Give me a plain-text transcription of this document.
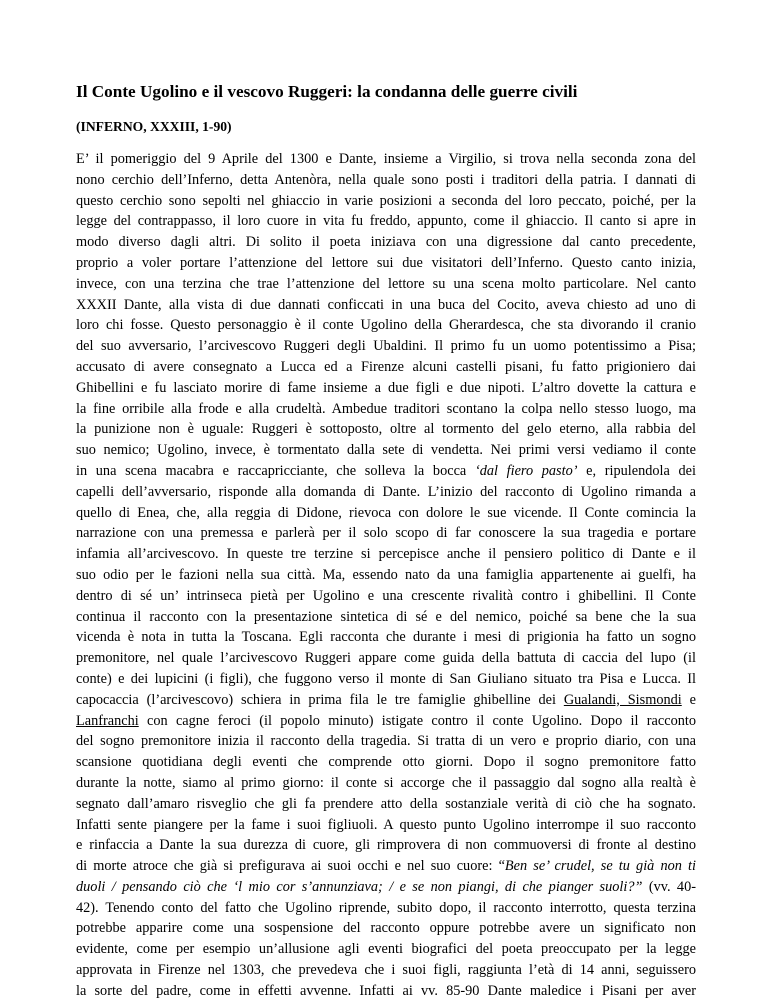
Il Conte Ugolino e il vescovo Ruggeri: la condanna delle guerre civili
(INFERNO, XXXIII, 1-90)
E’ il pomeriggio del 9 Aprile del 1300 e Dante, insieme a Virgilio, si trova nella seconda zona del
nono cerchio dell’Inferno, detta Antenòra, nella quale sono posti i traditori della patria. I dannati di
questo cerchio sono sepolti nel ghiaccio in varie posizioni a seconda del loro peccato, poiché, per la
legge del contrappasso, il loro cuore in vita fu freddo, appunto, come il ghiaccio. Il canto si apre in
modo diverso dagli altri. Di solito il poeta iniziava con una digressione dal canto precedente,
proprio a voler portare l’attenzione del lettore sui due visitatori dell’Inferno. Questo canto inizia,
invece, con una terzina che trae l’attenzione del lettore su una scena molto particolare. Nel canto
XXXII Dante, alla vista di due dannati conficcati in una buca del Cocito, aveva chiesto ad uno di
loro chi fosse. Questo personaggio è il conte Ugolino della Gherardesca, che sta divorando il cranio
del suo avversario, l’arcivescovo Ruggeri degli Ubaldini. Il primo fu un uomo potentissimo a Pisa;
accusato di avere consegnato a Lucca ed a Firenze alcuni castelli pisani, fu fatto prigioniero dai
Ghibellini e fu lasciato morire di fame insieme a due figli e due nipoti. L’altro dovette la cattura e
la fine orribile alla frode e alla crudeltà. Ambedue traditori scontano la colpa nello stesso luogo, ma
la punizione non è uguale: Ruggeri è sottoposto, oltre al tormento del gelo eterno, alla rabbia del
suo nemico; Ugolino, invece, è tormentato dalla sete di vendetta. Nei primi versi vediamo il conte
in una scena macabra e raccapricciante, che solleva la bocca ‘dal fiero pasto’ e, ripulendola dei
capelli dell’avversario, risponde alla domanda di Dante. L’inizio del racconto di Ugolino rimanda a
quello di Enea, che, alla reggia di Didone, rievoca con dolore le sue vicende. Il Conte comincia la
narrazione con una premessa e parlerà per il solo scopo di far conoscere la sua tragedia e portare
infamia all’arcivescovo. In queste tre terzine si percepisce anche il pensiero politico di Dante e il
suo odio per le fazioni nella sua città. Ma, essendo nato da una famiglia appartenente ai guelfi, ha
dentro di sé un’ intrinseca pietà per Ugolino e una crescente rivalità contro i ghibellini. Il Conte
continua il racconto con la presentazione sintetica di sé e del nemico, poiché sa bene che la sua
vicenda è nota in tutta la Toscana. Egli racconta che durante i mesi di prigionia ha fatto un sogno
premonitore, nel quale l’arcivescovo Ruggeri appare come guida della battuta di caccia del lupo (il
conte) e dei lupicini (i figli), che fuggono verso il monte di San Giuliano situato tra Pisa e Lucca. Il
capocaccia (l’arcivescovo) schiera in prima fila le tre famiglie ghibelline dei Gualandi, Sismondi e
Lanfranchi con cagne feroci (il popolo minuto) istigate contro il conte Ugolino. Dopo il racconto
del sogno premonitore inizia il racconto della tragedia. Si tratta di un vero e proprio diario, con una
scansione quotidiana degli eventi che comprende otto giorni. Dopo il sogno premonitore fatto
durante la notte, siamo al primo giorno: il conte si accorge che il passaggio dal sogno alla realtà è
segnato dall’amaro risveglio che gli fa prendere atto della sostanziale verità di ciò che ha sognato.
Infatti sente piangere per la fame i suoi figliuoli. A questo punto Ugolino interrompe il suo racconto
e rinfaccia a Dante la sua durezza di cuore, gli rimprovera di non commuoversi di fronte al destino
di morte atroce che già si prefigurava ai suoi occhi e nel suo cuore: “Ben se’ crudel, se tu già non ti
duoli / pensando ciò che ‘l mio cor s’annunziava; / e se non piangi, di che pianger suoli?” (vv. 40-
42). Tenendo conto del fatto che Ugolino riprende, subito dopo, il racconto interrotto, questa terzina
potrebbe apparire come una sospensione del racconto oppure potrebbe avere un significato non
evidente, come per esempio un’allusione agli eventi biografici del poeta preoccupato per la legge
approvata in Firenze nel 1303, che prevedeva che i suoi figli, raggiunta l’età di 14 anni, seguissero
la sorte del padre, come in effetti avvenne. Infatti ai vv. 85-90 Dante maledice i Pisani per aver
